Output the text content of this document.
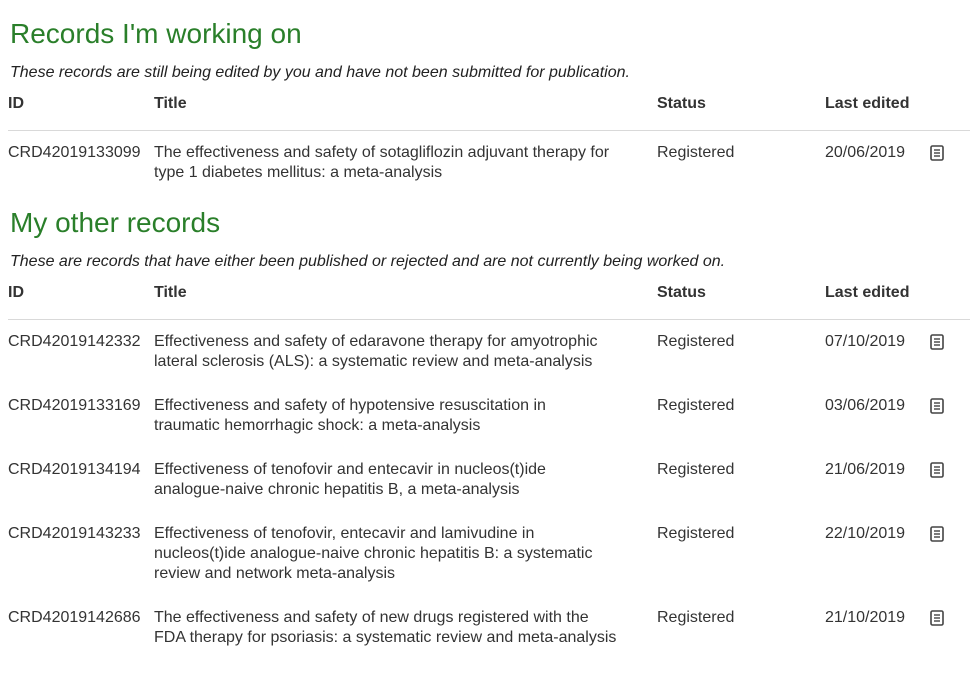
Records I'm working on

These records are still being edited by you and have not been submitted for publication.

ID	Title	Status	Last edited
CRD42019133099 The effectiveness and safety of sotagliflozin adjuvant therapy for
type 1 diabetes mellitus: a meta-analysis
Registered	20/06/2019
My other records

These are records that have either been published or rejected and are not currently being worked on.

ID	Title	Status	Last edited
CRD42019142332 Effectiveness and safety of edaravone therapy for amyotrophic
lateral sclerosis (ALS): a systematic review and meta-analysis
Registered	07/10/2019
CRD42019133169 Effectiveness and safety of hypotensive resuscitation in
traumatic hemorrhagic shock: a meta-analysis
Registered	03/06/2019
CRD42019134194 Effectiveness of tenofovir and entecavir in nucleos(t)ide
analogue-naive chronic hepatitis B, a meta-analysis
Registered	21/06/2019
CRD42019143233 Effectiveness of tenofovir, entecavir and lamivudine in
nucleos(t)ide analogue-naive chronic hepatitis B: a systematic
review and network meta-analysis
Registered	22/10/2019
CRD42019142686 The effectiveness and safety of new drugs registered with the
FDA therapy for psoriasis: a systematic review and meta-analysis
Registered	21/10/2019
